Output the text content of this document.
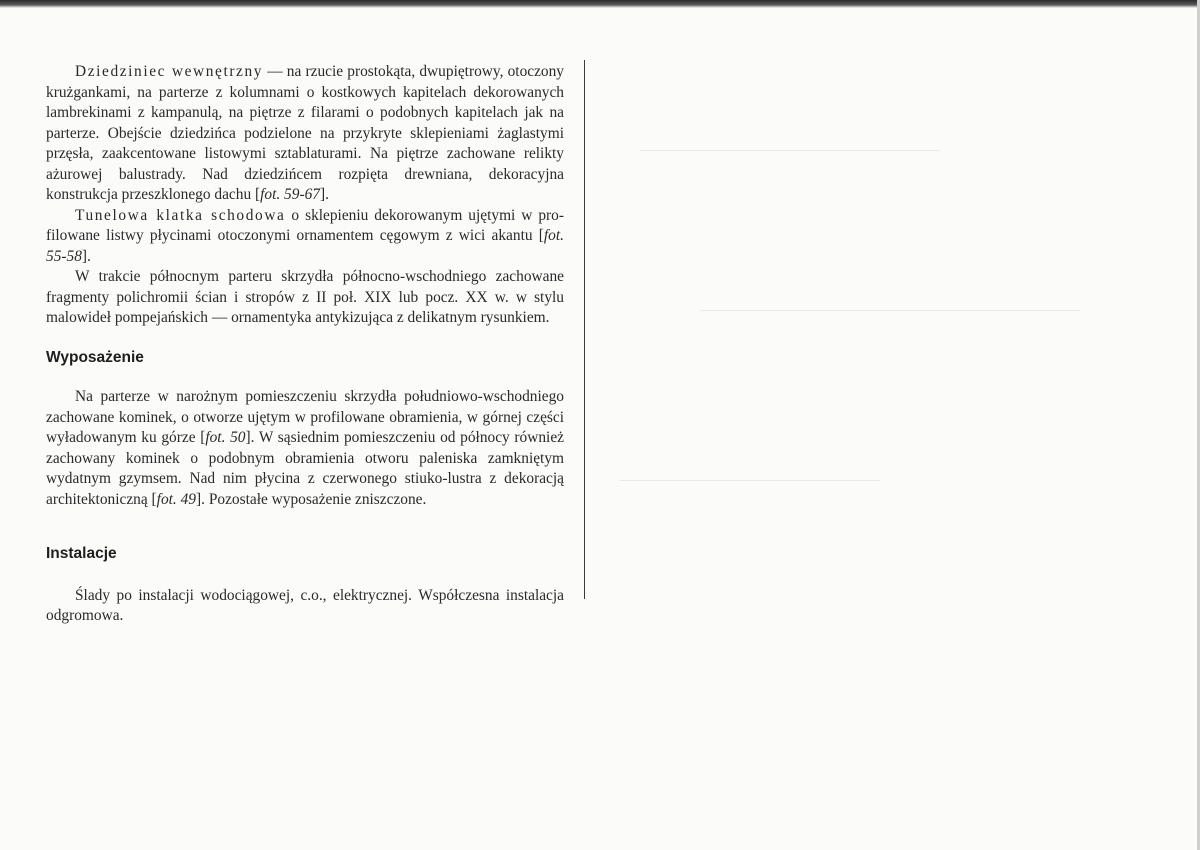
Dziedziniec wewnętrzny — na rzucie prostokąta, dwupiętrowy, otoczony krużgankami, na parterze z kolumnami o kostkowych kapitelach dekorowanych lambrekinami z kampanulą, na piętrze z filarami o podobnych kapitelach jak na parterze. Obejście dziedzińca podzielone na przykryte sklepieniami żaglastymi przęsła, zaakcentowane listowymi sztablaturami. Na piętrze zachowane relikty ażurowej balustrady. Nad dziedzińcem rozpięta drewniana, dekoracyjna konstrukcja przeszklonego dachu [fot. 59-67].

Tunelowa klatka schodowa o sklepieniu dekorowanym ujętymi w profilowane listwy płycinami otoczonymi ornamentem cęgowym z wici akantu [fot. 55-58].

W trakcie północnym parteru skrzydła północno-wschodniego zachowane fragmenty polichromii ścian i stropów z II poł. XIX lub pocz. XX w. w stylu malowideł pompejańskich — ornamentyka antykizująca z delikatnym rysunkiem.

Wyposażenie

Na parterze w narożnym pomieszczeniu skrzydła południowo-wschodniego zachowane kominek, o otworze ujętym w profilowane obramienia, w górnej części wyładowanym ku górze [fot. 50]. W sąsiednim pomieszczeniu od północy również zachowany kominek o podobnym obramienia otworu paleniska zamkniętym wydatnym gzymsem. Nad nim płycina z czerwonego stiuko-lustra z dekoracją architektoniczną [fot. 49]. Pozostałe wyposażenie zniszczone.

Instalacje

Ślady po instalacji wodociągowej, c.o., elektrycznej. Współczesna instalacja odgromowa.
